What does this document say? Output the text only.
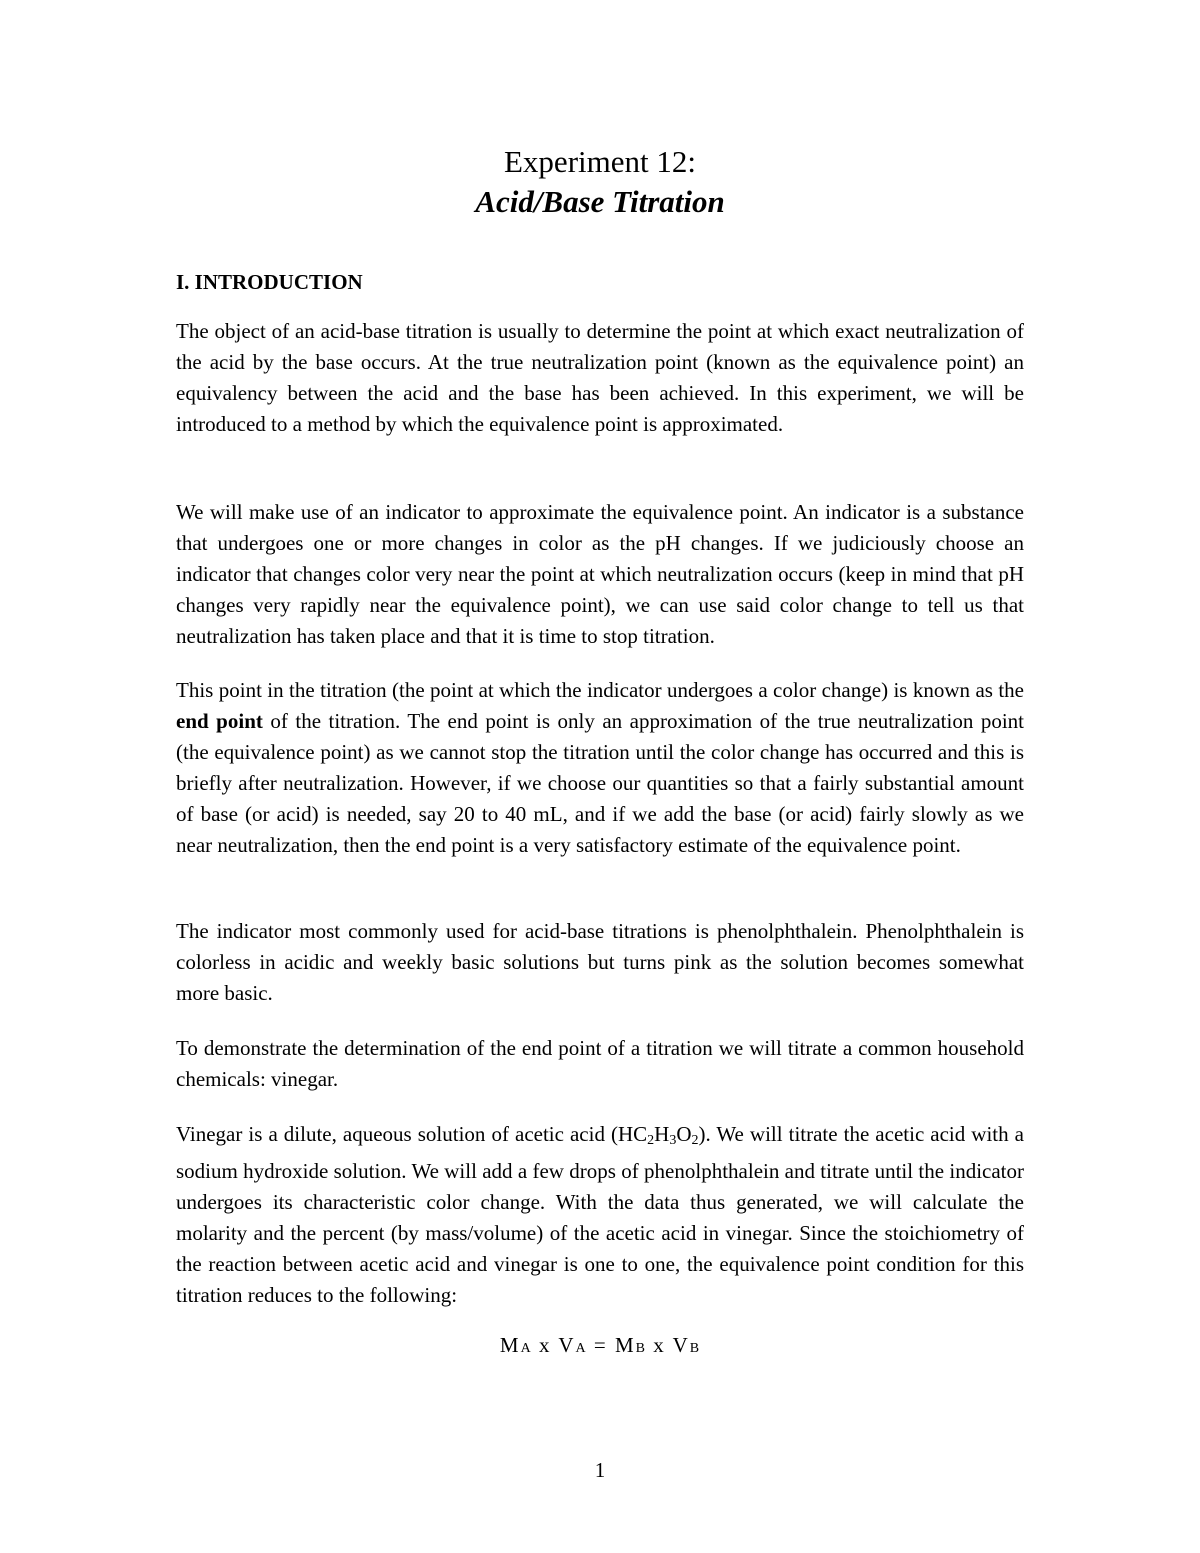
Experiment 12:
Acid/Base Titration
I. INTRODUCTION

The object of an acid-base titration is usually to determine the point at which exact neutralization of the acid by the base occurs. At the true neutralization point (known as the equivalence point) an equivalency between the acid and the base has been achieved. In this experiment, we will be introduced to a method by which the equivalence point is approximated.

We will make use of an indicator to approximate the equivalence point. An indicator is a substance that undergoes one or more changes in color as the pH changes. If we judiciously choose an indicator that changes color very near the point at which neutralization occurs (keep in mind that pH changes very rapidly near the equivalence point), we can use said color change to tell us that neutralization has taken place and that it is time to stop titration.

This point in the titration (the point at which the indicator undergoes a color change) is known as the end point of the titration. The end point is only an approximation of the true neutralization point (the equivalence point) as we cannot stop the titration until the color change has occurred and this is briefly after neutralization. However, if we choose our quantities so that a fairly substantial amount of base (or acid) is needed, say 20 to 40 mL, and if we add the base (or acid) fairly slowly as we near neutralization, then the end point is a very satisfactory estimate of the equivalence point.

The indicator most commonly used for acid-base titrations is phenolphthalein. Phenolphthalein is colorless in acidic and weekly basic solutions but turns pink as the solution becomes somewhat more basic.

To demonstrate the determination of the end point of a titration we will titrate a common household chemicals: vinegar.

Vinegar is a dilute, aqueous solution of acetic acid (HC2H3O2). We will titrate the acetic acid with a sodium hydroxide solution. We will add a few drops of phenolphthalein and titrate until the indicator undergoes its characteristic color change. With the data thus generated, we will calculate the molarity and the percent (by mass/volume) of the acetic acid in vinegar. Since the stoichiometry of the reaction between acetic acid and vinegar is one to one, the equivalence point condition for this titration reduces to the following:

MA x VA = MB x VB
1
